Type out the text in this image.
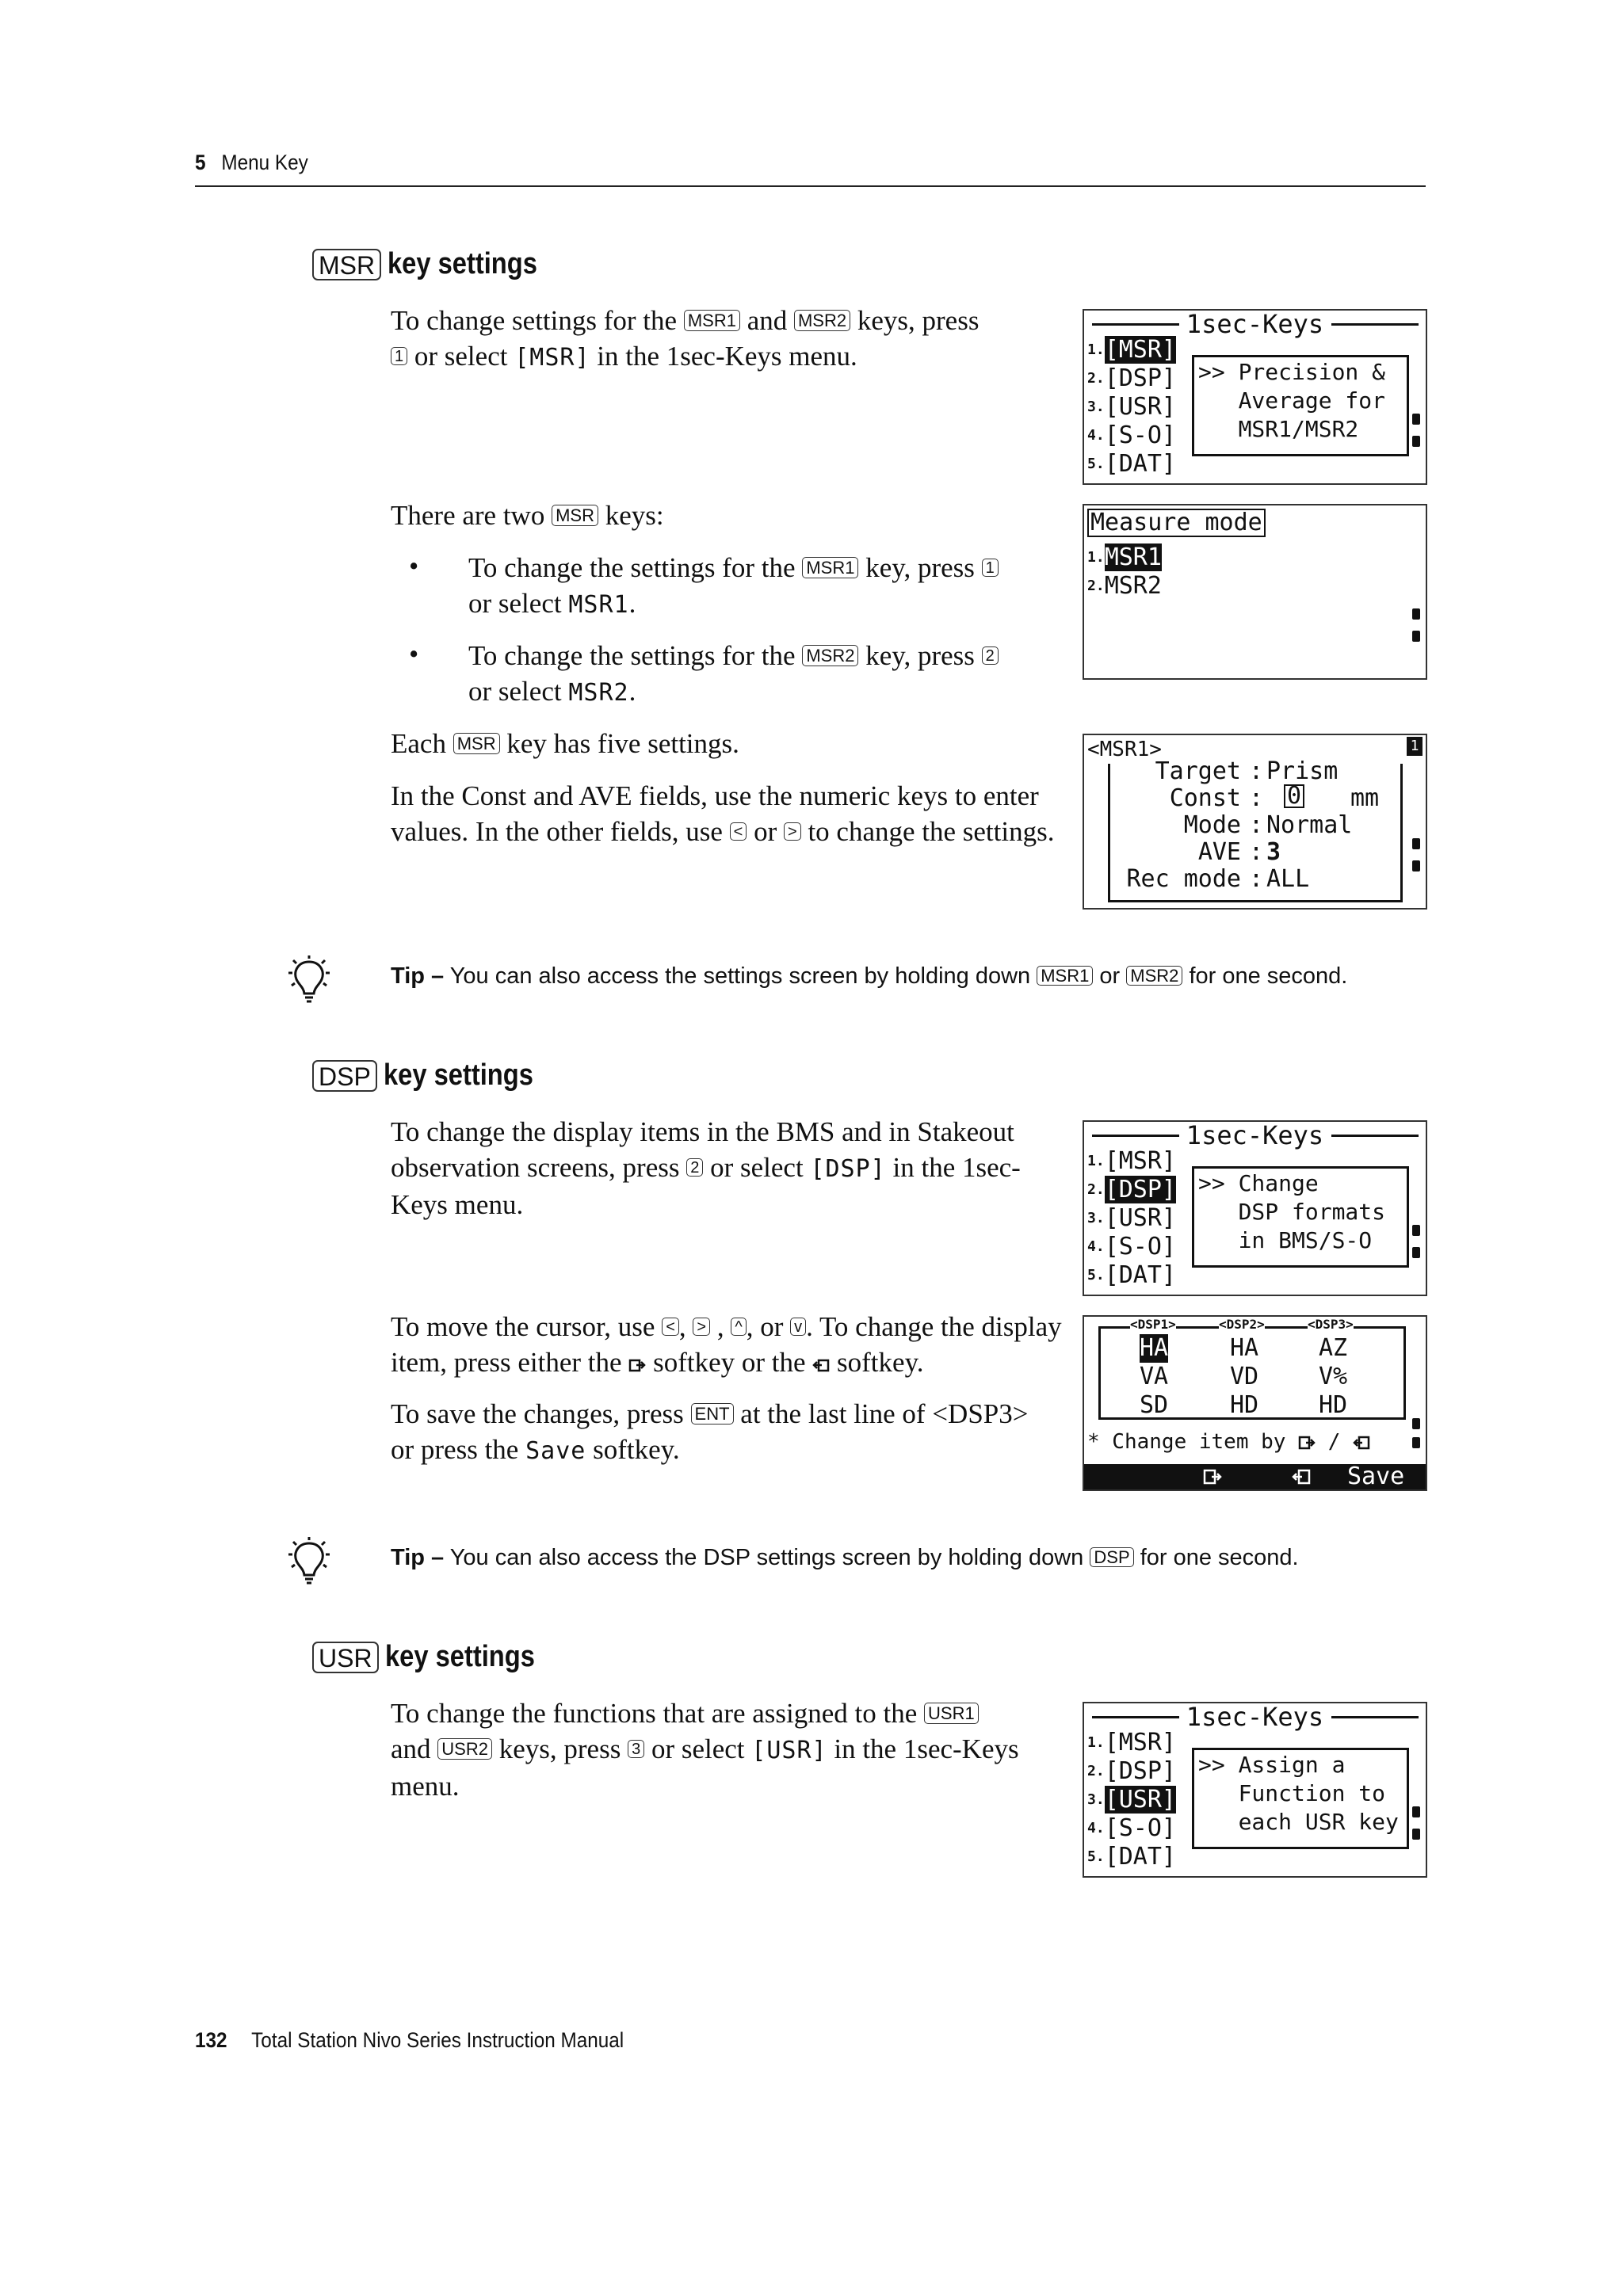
5 Menu Key
MSR key settings
To change settings for the MSR1 and MSR2 keys, press
1 or select [MSR] in the 1sec-Keys menu.
There are two MSR keys:
• To change the settings for the MSR1 key, press 1
or select MSR1.
• To change the settings for the MSR2 key, press 2
or select MSR2.
Each MSR key has five settings.
In the Const and AVE fields, use the numeric keys to enter values. In the other fields, use < or > to change the settings.
1sec-Keys
$^{1.}$[MSR]
$^{2.}$[DSP]
$^{3.}$[USR]
$^{4.}$[S-O]
$^{5.}$[DAT]
>> Precision &
Average for
MSR1/MSR2
Measure mode
$^{1.}$MSR1
$^{2.}$MSR2
<MSR1>	1
Target : Prism
Const : 0 mm
Mode : Normal
AVE : 3
Rec mode : ALL
Tip – You can also access the settings screen by holding down MSR1 or MSR2 for one second.
DSP key settings
To change the display items in the BMS and in Stakeout observation screens, press 2 or select [DSP] in the 1sec-Keys menu.
To move the cursor, use < , > , ^ , or v . To change the display item, press either the softkey or the softkey.
To save the changes, press ENT at the last line of <DSP3> or press the Save softkey.
1sec-Keys
$^{1.}$[MSR]
$^{2.}$[DSP]
$^{3.}$[USR]
$^{4.}$[S-O]
$^{5.}$[DAT]
>> Change
DSP formats
in BMS/S-O
<DSP1>	<DSP2>	<DSP3>
HA	HA	AZ
VA	VD	V%
SD	HD	HD
* Change item by  /
Save
Tip – You can also access the DSP settings screen by holding down DSP for one second.
USR key settings
To change the functions that are assigned to the USR1
and USR2 keys, press 3 or select [USR] in the 1sec-Keys menu.
1sec-Keys
$^{1.}$[MSR]
$^{2.}$[DSP]
$^{3.}$[USR]
$^{4.}$[S-O]
$^{5.}$[DAT]
>> Assign a
Function to
each USR key
132 Total Station Nivo Series Instruction Manual
